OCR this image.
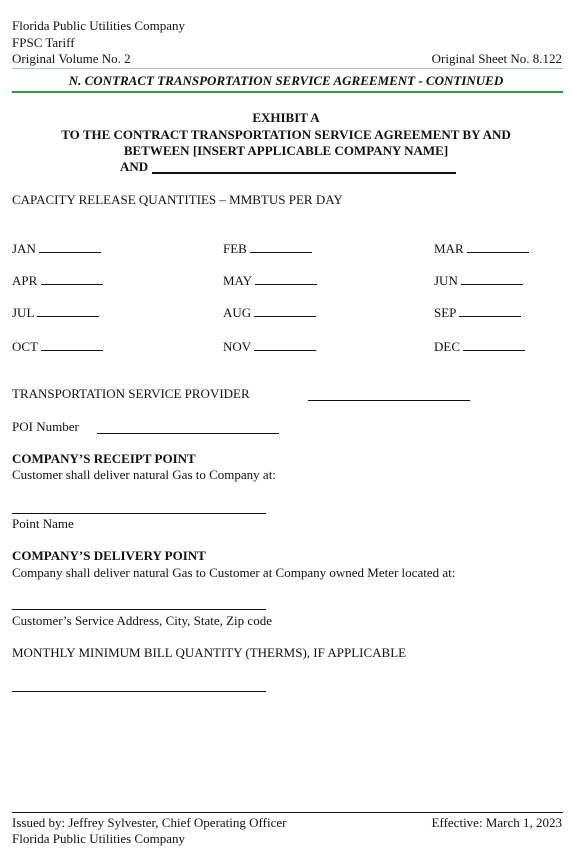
Florida Public Utilities Company
FPSC Tariff
Original Volume No. 2	Original Sheet No. 8.122
N. CONTRACT TRANSPORTATION SERVICE AGREEMENT - CONTINUED
EXHIBIT A
TO THE CONTRACT TRANSPORTATION SERVICE AGREEMENT BY AND
BETWEEN [INSERT APPLICABLE COMPANY NAME]
AND
CAPACITY RELEASE QUANTITIES – MMBTUS PER DAY
JAN	FEB	MAR
APR	MAY	JUN
JUL	AUG	SEP
OCT	NOV	DEC
TRANSPORTATION SERVICE PROVIDER
POI Number
COMPANY’S RECEIPT POINT
Customer shall deliver natural Gas to Company at:
Point Name
COMPANY’S DELIVERY POINT
Company shall deliver natural Gas to Customer at Company owned Meter located at:
Customer’s Service Address, City, State, Zip code
MONTHLY MINIMUM BILL QUANTITY (THERMS), IF APPLICABLE
Issued by: Jeffrey Sylvester, Chief Operating Officer	Effective: March 1, 2023
Florida Public Utilities Company
